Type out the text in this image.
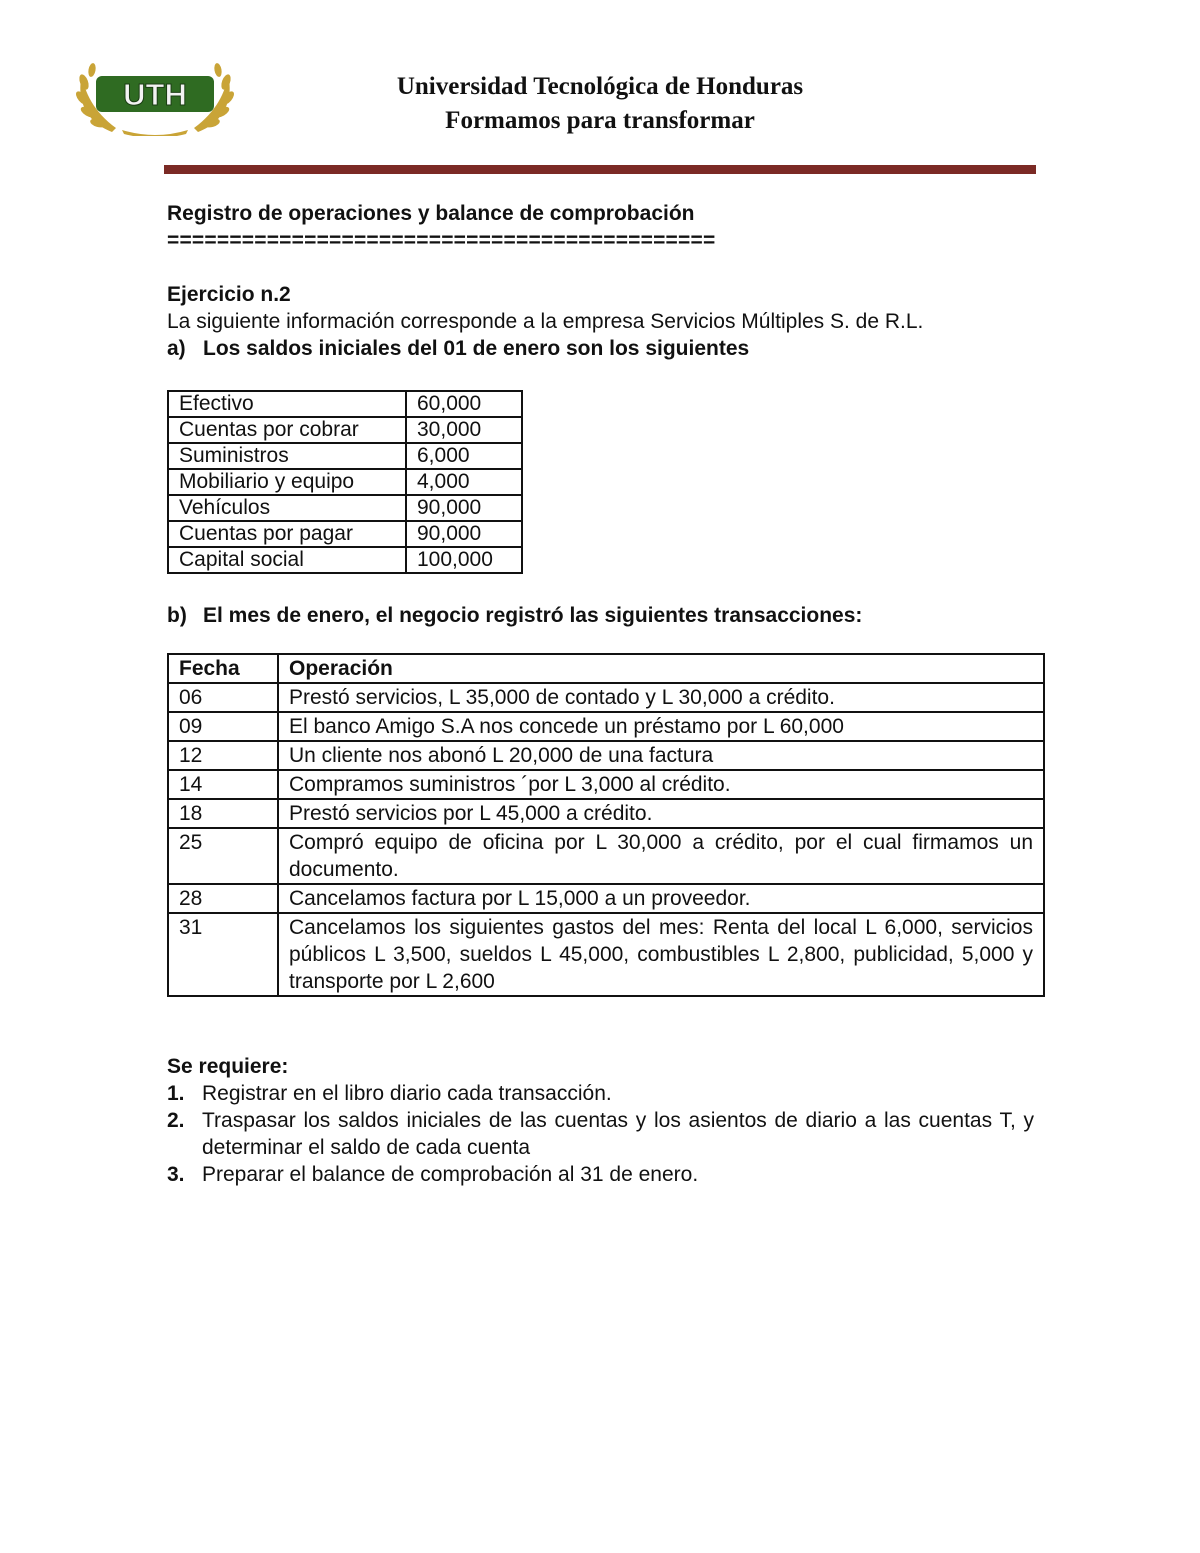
UTH	Universidad Tecnológica de Honduras
Formamos para transformar

Registro de operaciones y balance de comprobación

============================================

Ejercicio n.2

La siguiente información corresponde a la empresa Servicios Múltiples S. de R.L.

a) Los saldos iniciales del 01 de enero son los siguientes
Efectivo	60,000
Cuentas por cobrar	30,000
Suministros	6,000
Mobiliario y equipo	4,000
Vehículos	90,000
Cuentas por pagar	90,000
Capital social	100,000
b) El mes de enero, el negocio registró las siguientes transacciones:
Fecha	Operación
06	Prestó servicios, L 35,000 de contado y L 30,000 a crédito.
09	El banco Amigo S.A nos concede un préstamo por L 60,000
12	Un cliente nos abonó L 20,000 de una factura
14	Compramos suministros ´por L 3,000 al crédito.
18	Prestó servicios por L 45,000 a crédito.
25	Compró equipo de oficina por L 30,000 a crédito, por el cual firmamos un documento.
28	Cancelamos factura por L 15,000 a un proveedor.
31	Cancelamos los siguientes gastos del mes: Renta del local L 6,000, servicios públicos L 3,500, sueldos L 45,000, combustibles L 2,800, publicidad, 5,000 y transporte por L 2,600

Se requiere:

1. Registrar en el libro diario cada transacción.
2. Traspasar los saldos iniciales de las cuentas y los asientos de diario a las cuentas T, y determinar el saldo de cada cuenta
3. Preparar el balance de comprobación al 31 de enero.
